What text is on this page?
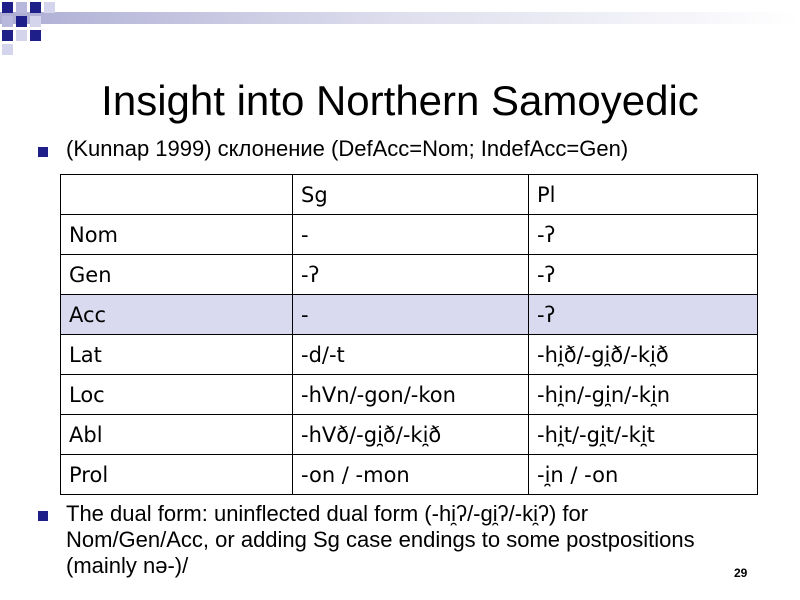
Insight into Northern Samoyedic
(Kunnap 1999) склонение (DefAcc=Nom; IndefAcc=Gen)
	Sg	Pl
Nom	-	-ʔ
Gen	-ʔ	-ʔ
Acc	-	-ʔ
Lat	-d/-t	-hi̯ð/-gi̯ð/-ki̯ð
Loc	-hVn/-gon/-kon	-hi̯n/-gi̯n/-ki̯n
Abl	-hVð/-gi̯ð/-ki̯ð	-hi̯t/-gi̯t/-ki̯t
Prol	-on / -mon	-i̯n / -on
The dual form: uninflected dual form (-hi̯ʔ/-gi̯ʔ/-ki̯ʔ) for Nom/Gen/Acc, or adding Sg case endings to some postpositions (mainly nə-)/	29
